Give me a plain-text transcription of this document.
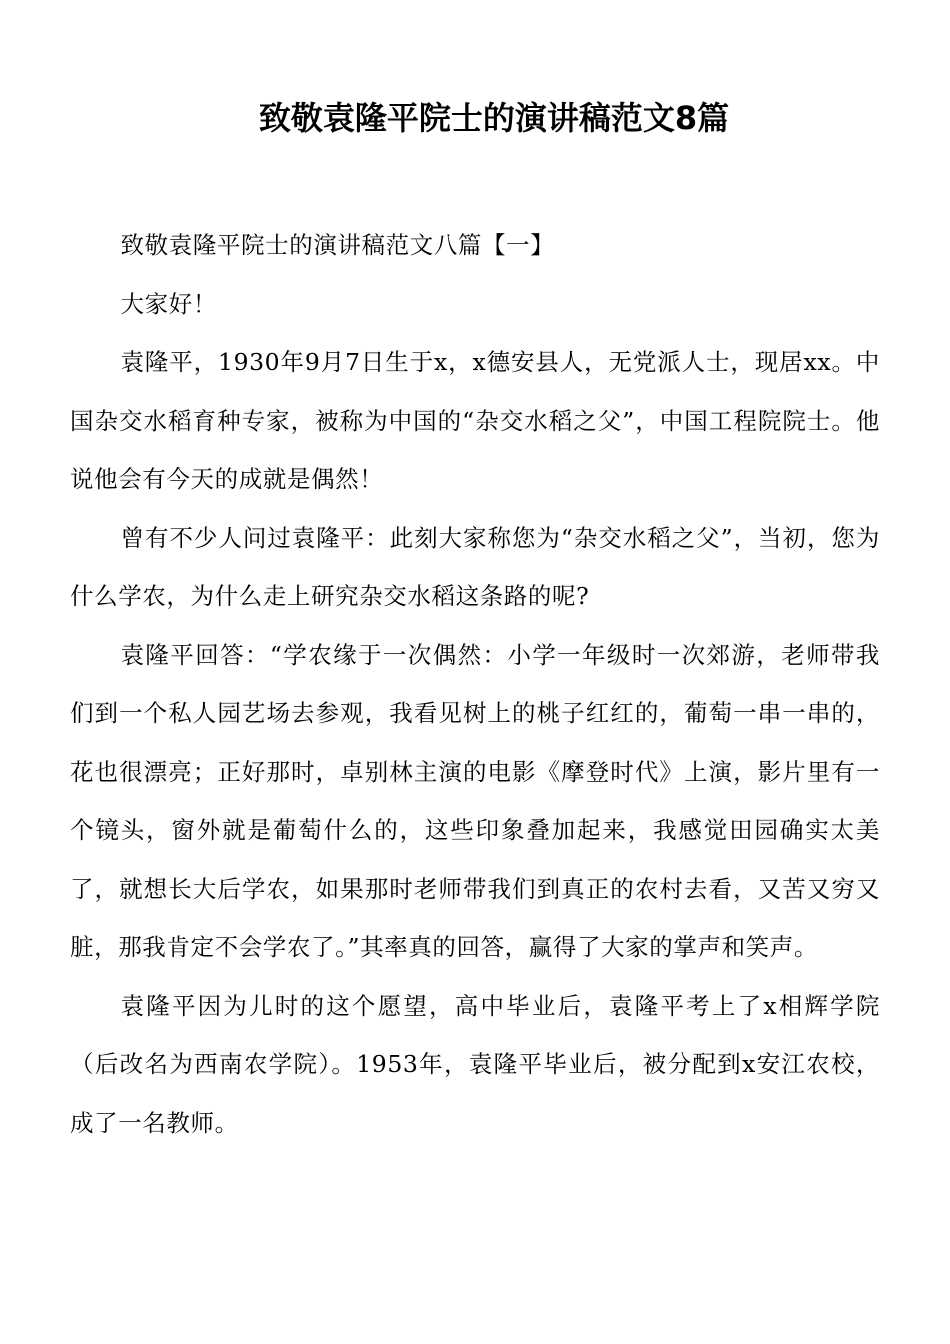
致敬袁隆平院士的演讲稿范文8篇

致敬袁隆平院士的演讲稿范文八篇【一】

大家好！

袁隆平，1930年9月7日生于x，x德安县人，无党派人士，现居xx。中国杂交水稻育种专家，被称为中国的“杂交水稻之父”，中国工程院院士。他说他会有今天的成就是偶然！

曾有不少人问过袁隆平：此刻大家称您为“杂交水稻之父”，当初，您为什么学农，为什么走上研究杂交水稻这条路的呢?

袁隆平回答：“学农缘于一次偶然：小学一年级时一次郊游，老师带我们到一个私人园艺场去参观，我看见树上的桃子红红的，葡萄一串一串的，花也很漂亮；正好那时，卓别林主演的电影《摩登时代》上演，影片里有一个镜头，窗外就是葡萄什么的，这些印象叠加起来，我感觉田园确实太美了，就想长大后学农，如果那时老师带我们到真正的农村去看，又苦又穷又脏，那我肯定不会学农了。”其率真的回答，赢得了大家的掌声和笑声。

袁隆平因为儿时的这个愿望，高中毕业后，袁隆平考上了x相辉学院（后改名为西南农学院）。1953年，袁隆平毕业后，被分配到x安江农校，成了一名教师。
